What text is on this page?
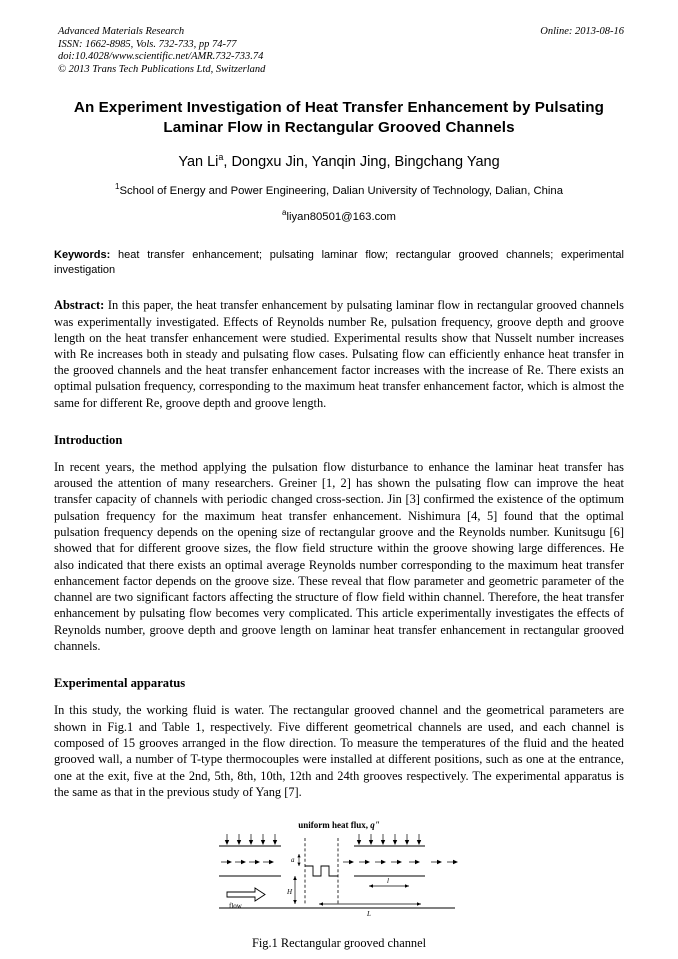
Advanced Materials Research
ISSN: 1662-8985, Vols. 732-733, pp 74-77
doi:10.4028/www.scientific.net/AMR.732-733.74
© 2013 Trans Tech Publications Ltd, Switzerland
Online: 2013-08-16
An Experiment Investigation of Heat Transfer Enhancement by Pulsating Laminar Flow in Rectangular Grooved Channels
Yan Li$^a$, Dongxu Jin, Yanqin Jing, Bingchang Yang
$^1$School of Energy and Power Engineering, Dalian University of Technology, Dalian, China
$^a$liyan80501@163.com
Keywords: heat transfer enhancement; pulsating laminar flow; rectangular grooved channels; experimental investigation
Abstract: In this paper, the heat transfer enhancement by pulsating laminar flow in rectangular grooved channels was experimentally investigated. Effects of Reynolds number Re, pulsation frequency, groove depth and groove length on the heat transfer enhancement were studied. Experimental results show that Nusselt number increases with Re increases both in steady and pulsating flow cases. Pulsating flow can efficiently enhance heat transfer in the grooved channels and the heat transfer enhancement factor increases with the increase of Re. There exists an optimal pulsation frequency, corresponding to the maximum heat transfer enhancement factor, which is almost the same for different Re, groove depth and groove length.
Introduction
In recent years, the method applying the pulsation flow disturbance to enhance the laminar heat transfer has aroused the attention of many researchers. Greiner [1, 2] has shown the pulsating flow can improve the heat transfer capacity of channels with periodic changed cross-section. Jin [3] confirmed the existence of the optimum pulsation frequency for the maximum heat transfer enhancement. Nishimura [4, 5] found that the optimal pulsation frequency depends on the opening size of rectangular groove and the Reynolds number. Kunitsugu [6] showed that for different groove sizes, the flow field structure within the groove showing large differences. He also indicated that there exists an optimal average Reynolds number corresponding to the maximum heat transfer enhancement factor depends on the groove size. These reveal that flow parameter and geometric parameter of the channel are two significant factors affecting the structure of flow field within channel. Therefore, the heat transfer enhancement by pulsating flow becomes very complicated. This article experimentally investigates the effects of Reynolds number, groove depth and groove length on laminar heat transfer enhancement in rectangular grooved channels.
Experimental apparatus
In this study, the working fluid is water. The rectangular grooved channel and the geometrical parameters are shown in Fig.1 and Table 1, respectively. Five different geometrical channels are used, and each channel is composed of 15 grooves arranged in the flow direction. To measure the temperatures of the fluid and the heated grooved wall, a number of T-type thermocouples were installed at different positions, such as one at the entrance, one at the exit, five at the 2nd, 5th, 8th, 10th, 12th and 24th grooves respectively. The experimental apparatus is the same as that in the previous study of Yang [7].
uniform heat flux, q"
a
H
l
L
flow
Fig.1 Rectangular grooved channel
